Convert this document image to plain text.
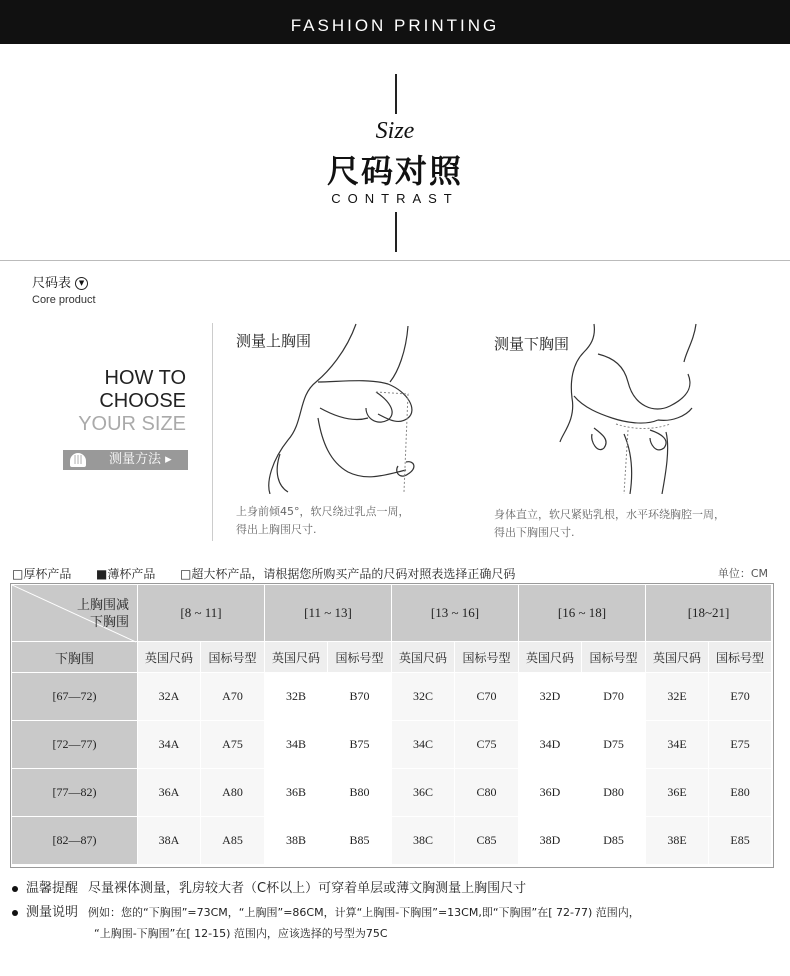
FASHION PRINTING
Size
尺码对照
CONTRAST
尺码表 ▼
Core product
HOW TO
CHOOSE
YOUR SIZE
||| 测量方法 ▸
测量上胸围
上身前倾45°，软尺绕过乳点一周，
得出上胸围尺寸.
测量下胸围
身体直立，软尺紧贴乳根，水平环绕胸腔一周，
得出下胸围尺寸.
□厚杯产品 ■薄杯产品 □超大杯产品，请根据您所购买产品的尺码对照表选择正确尺码	单位：CM
上胸围减
下胸围	[8 ~ 11]		[11 ~ 13]		[13 ~ 16]		[16 ~ 18]		[18~21]	
下胸围	英国尺码	国标号型	英国尺码	国标号型	英国尺码	国标号型	英国尺码	国标号型	英国尺码	国标号型
[67—72)	32A	A70	32B	B70	32C	C70	32D	D70	32E	E70
[72—77)	34A	A75	34B	B75	34C	C75	34D	D75	34E	E75
[77—82)	36A	A80	36B	B80	36C	C80	36D	D80	36E	E80
[82—87)	38A	A85	38B	B85	38C	C85	38D	D85	38E	E85
温馨提醒 尽量裸体测量，乳房较大者（C杯以上）可穿着单层或薄文胸测量上胸围尺寸
测量说明 例如：您的“下胸围”=73CM，“上胸围”=86CM，计算“上胸围-下胸围”=13CM,即“下胸围”在[ 72-77) 范围内，
“上胸围-下胸围”在[ 12-15) 范围内，应该选择的号型为75C
